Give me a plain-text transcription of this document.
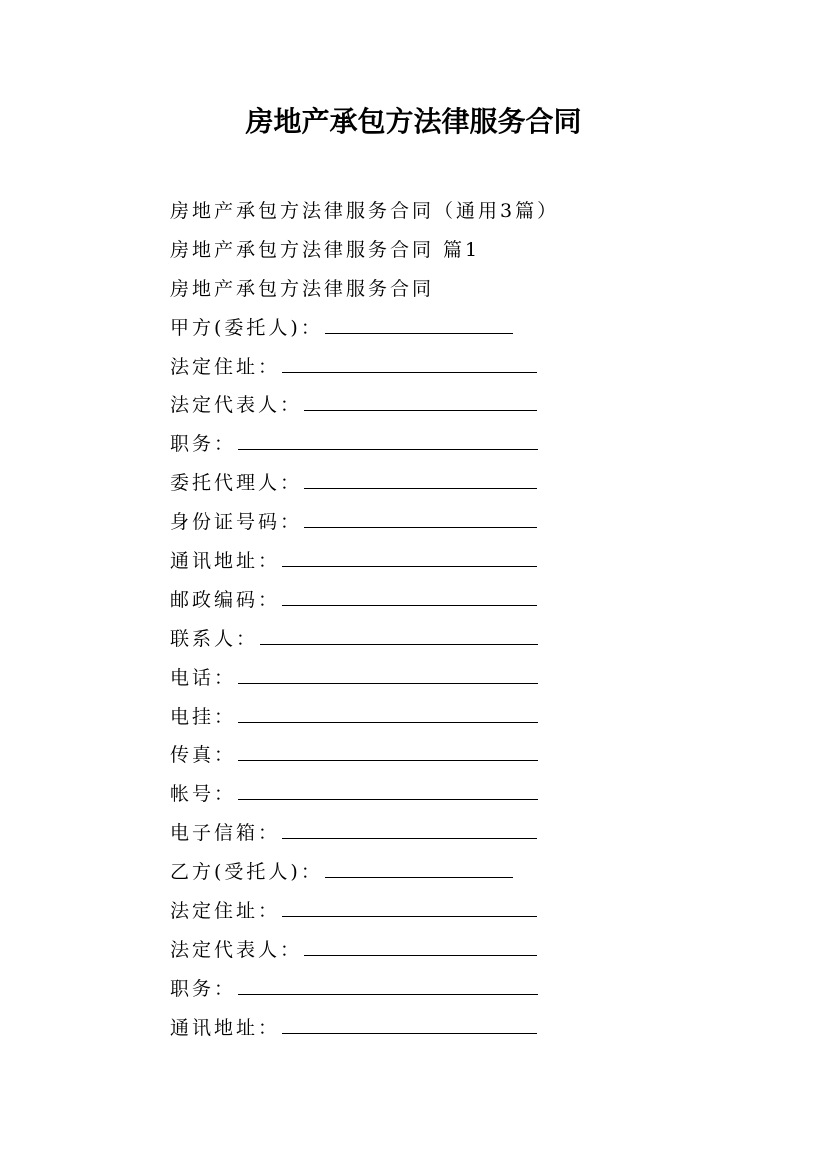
房地产承包方法律服务合同
房地产承包方法律服务合同（通用3篇）
房地产承包方法律服务合同 篇1
房地产承包方法律服务合同
甲方(委托人)：
法定住址：
法定代表人：
职务：
委托代理人：
身份证号码：
通讯地址：
邮政编码：
联系人：
电话：
电挂：
传真：
帐号：
电子信箱：
乙方(受托人)：
法定住址：
法定代表人：
职务：
通讯地址：
